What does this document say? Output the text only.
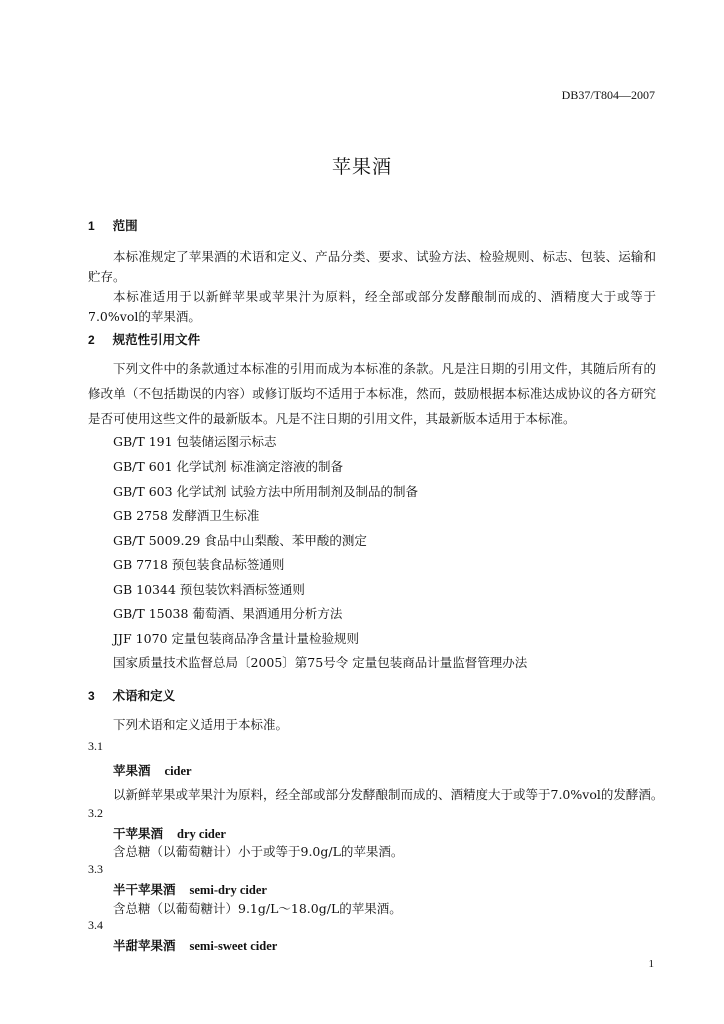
DB37/T804—2007
苹果酒
1 范围
本标准规定了苹果酒的术语和定义、产品分类、要求、试验方法、检验规则、标志、包装、运输和贮存。
本标准适用于以新鲜苹果或苹果汁为原料，经全部或部分发酵酿制而成的、酒精度大于或等于7.0%vol的苹果酒。
2 规范性引用文件
下列文件中的条款通过本标准的引用而成为本标准的条款。凡是注日期的引用文件，其随后所有的修改单（不包括勘误的内容）或修订版均不适用于本标准，然而，鼓励根据本标准达成协议的各方研究是否可使用这些文件的最新版本。凡是不注日期的引用文件，其最新版本适用于本标准。
GB/T 191 包装储运图示标志
GB/T 601 化学试剂 标准滴定溶液的制备
GB/T 603 化学试剂 试验方法中所用制剂及制品的制备
GB 2758 发酵酒卫生标准
GB/T 5009.29 食品中山梨酸、苯甲酸的测定
GB 7718 预包装食品标签通则
GB 10344 预包装饮料酒标签通则
GB/T 15038 葡萄酒、果酒通用分析方法
JJF 1070 定量包装商品净含量计量检验规则
国家质量技术监督总局〔2005〕第75号令 定量包装商品计量监督管理办法
3 术语和定义
下列术语和定义适用于本标准。
3.1
苹果酒 cider
以新鲜苹果或苹果汁为原料，经全部或部分发酵酿制而成的、酒精度大于或等于7.0%vol的发酵酒。
3.2
干苹果酒 dry cider
含总糖（以葡萄糖计）小于或等于9.0g/L的苹果酒。
3.3
半干苹果酒 semi-dry cider
含总糖（以葡萄糖计）9.1g/L～18.0g/L的苹果酒。
3.4
半甜苹果酒 semi-sweet cider
1
